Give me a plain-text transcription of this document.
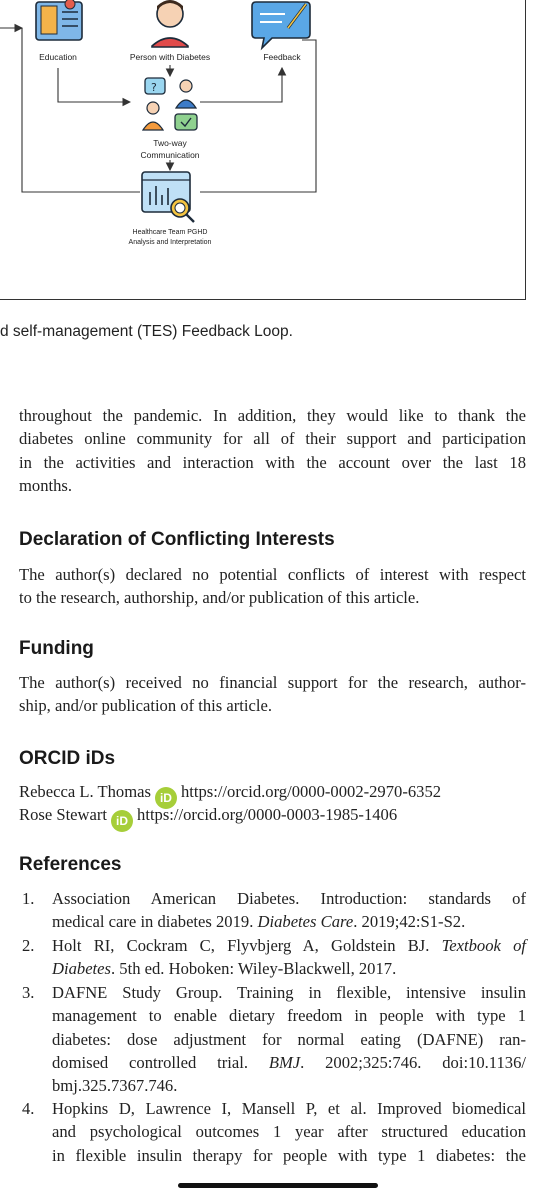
?
Education	Person with Diabetes	Feedback
Two-way
Communication
Healthcare Team PGHD
Analysis and Interpretation
d self-management (TES) Feedback Loop.
throughout the pandemic. In addition, they would like to thank the
diabetes online community for all of their support and participation
in the activities and interaction with the account over the last 18
months.
Declaration of Conflicting Interests
The author(s) declared no potential conflicts of interest with respect
to the research, authorship, and/or publication of this article.
Funding
The author(s) received no financial support for the research, author-
ship, and/or publication of this article.
ORCID iDs
Rebecca L. Thomas iD https://orcid.org/0000-0002-2970-6352
Rose Stewart iD https://orcid.org/0000-0003-1985-1406
References
1. Association American Diabetes. Introduction: standards of
medical care in diabetes 2019. Diabetes Care. 2019;42:S1-S2.
2. Holt RI, Cockram C, Flyvbjerg A, Goldstein BJ. Textbook of
Diabetes. 5th ed. Hoboken: Wiley-Blackwell, 2017.
3. DAFNE Study Group. Training in flexible, intensive insulin
management to enable dietary freedom in people with type 1
diabetes: dose adjustment for normal eating (DAFNE) ran-
domised controlled trial. BMJ. 2002;325:746. doi:10.1136/
bmj.325.7367.746.
4. Hopkins D, Lawrence I, Mansell P, et al. Improved biomedical
and psychological outcomes 1 year after structured education
in flexible insulin therapy for people with type 1 diabetes: the
